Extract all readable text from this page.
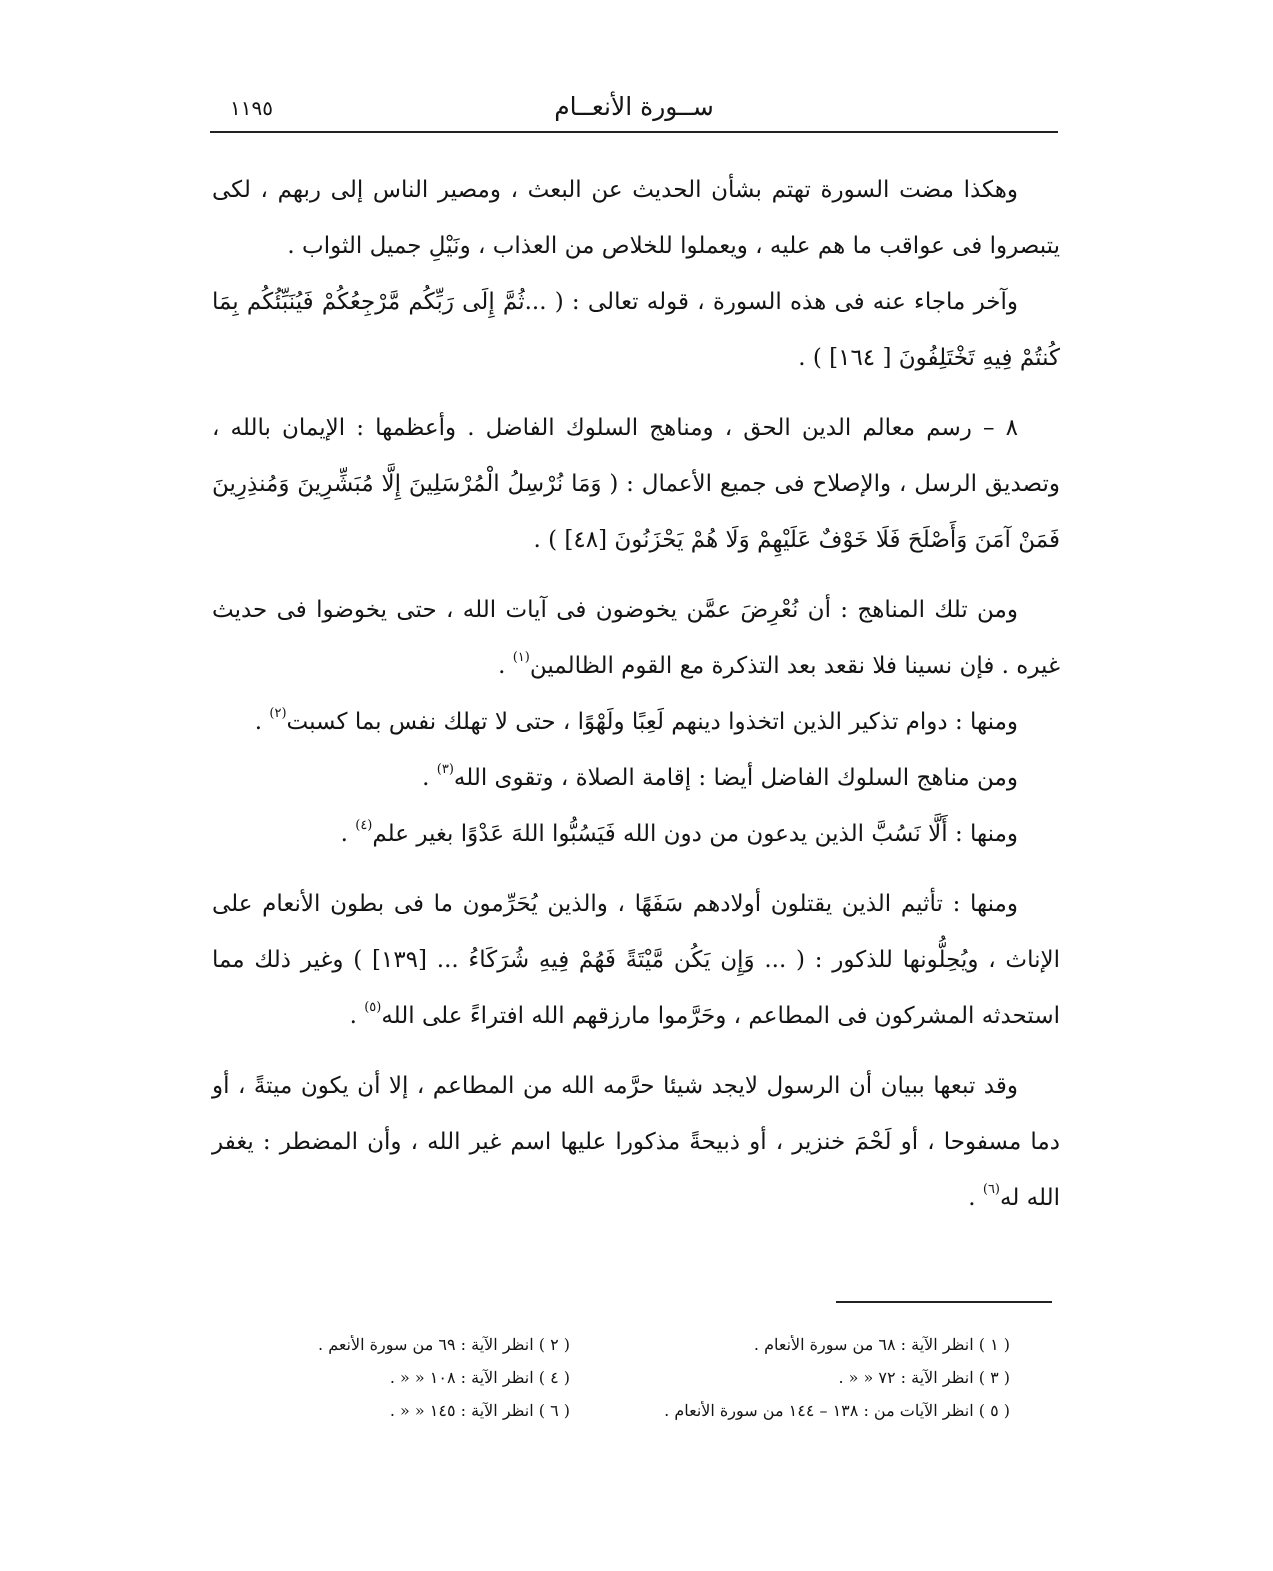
١١٩٥	ســورة الأنعــام

وهكذا مضت السورة تهتم بشأن الحديث عن البعث ، ومصير الناس إلى ربهم ، لكى يتبصروا فى عواقب ما هم عليه ، ويعملوا للخلاص من العذاب ، ونَيْلِ جميل الثواب .

وآخر ماجاء عنه فى هذه السورة ، قوله تعالى : ( ...ثُمَّ إِلَى رَبِّكُم مَّرْجِعُكُمْ فَيُنَبِّئُكُم بِمَا كُنتُمْ فِيهِ تَخْتَلِفُونَ [ ١٦٤] ) .

٨ – رسم معالم الدين الحق ، ومناهج السلوك الفاضل . وأعظمها : الإيمان بالله ، وتصديق الرسل ، والإصلاح فى جميع الأعمال : ( وَمَا نُرْسِلُ الْمُرْسَلِينَ إِلَّا مُبَشِّرِينَ وَمُنذِرِينَ فَمَنْ آمَنَ وَأَصْلَحَ فَلَا خَوْفٌ عَلَيْهِمْ وَلَا هُمْ يَحْزَنُونَ [٤٨] ) .

ومن تلك المناهج : أن نُعْرِضَ عمَّن يخوضون فى آيات الله ، حتى يخوضوا فى حديث غيره . فإن نسينا فلا نقعد بعد التذكرة مع القوم الظالمين$^{(١)}$ .

ومنها : دوام تذكير الذين اتخذوا دينهم لَعِبًا ولَهْوًا ، حتى لا تهلك نفس بما كسبت$^{(٢)}$ .

ومن مناهج السلوك الفاضل أيضا : إقامة الصلاة ، وتقوى الله$^{(٣)}$ .

ومنها : أَلَّا نَسُبَّ الذين يدعون من دون الله فَيَسُبُّوا اللهَ عَدْوًا بغير علم$^{(٤)}$ .

ومنها : تأثيم الذين يقتلون أولادهم سَفَهًا ، والذين يُحَرِّمون ما فى بطون الأنعام على الإناث ، ويُحِلُّونها للذكور : ( ... وَإِن يَكُن مَّيْتَةً فَهُمْ فِيهِ شُرَكَاءُ ... [١٣٩] ) وغير ذلك مما استحدثه المشركون فى المطاعم ، وحَرَّموا مارزقهم الله افتراءً على الله$^{(٥)}$ .

وقد تبعها ببيان أن الرسول لايجد شيئا حرَّمه الله من المطاعم ، إلا أن يكون ميتةً ، أو دما مسفوحا ، أو لَحْمَ خنزير ، أو ذبيحةً مذكورا عليها اسم غير الله ، وأن المضطر : يغفر الله له$^{(٦)}$ .

( ١ ) انظر الآية : ٦٨ من سورة الأنعام .
( ٢ ) انظر الآية : ٦٩ من سورة الأنعم .
( ٣ ) انظر الآية : ٧٢ « « .
( ٤ ) انظر الآية : ١٠٨ « « .
( ٥ ) انظر الآيات من : ١٣٨ – ١٤٤ من سورة الأنعام .
( ٦ ) انظر الآية : ١٤٥ « « .
